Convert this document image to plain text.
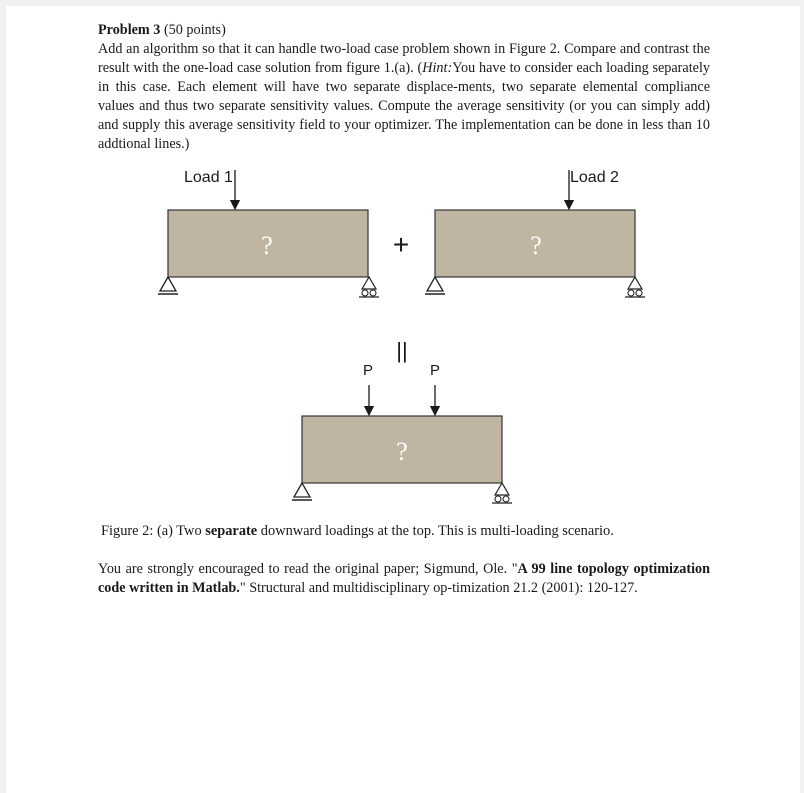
Problem 3 (50 points)
Add an algorithm so that it can handle two-load case problem shown in Figure 2. Compare and contrast the result with the one-load case solution from figure 1.(a). (Hint:You have to consider each loading separately in this case. Each element will have two separate displace-ments, two separate elemental compliance values and thus two separate sensitivity values. Compute the average sensitivity (or you can simply add) and supply this average sensitivity field to your optimizer. The implementation can be done in less than 10 addtional lines.)
?
Load 1
+	?
Load 2
||
P	P
?
Figure 2: (a) Two separate downward loadings at the top. This is multi-loading scenario.
You are strongly encouraged to read the original paper; Sigmund, Ole. "A 99 line topology optimization code written in Matlab." Structural and multidisciplinary op-timization 21.2 (2001): 120-127.
